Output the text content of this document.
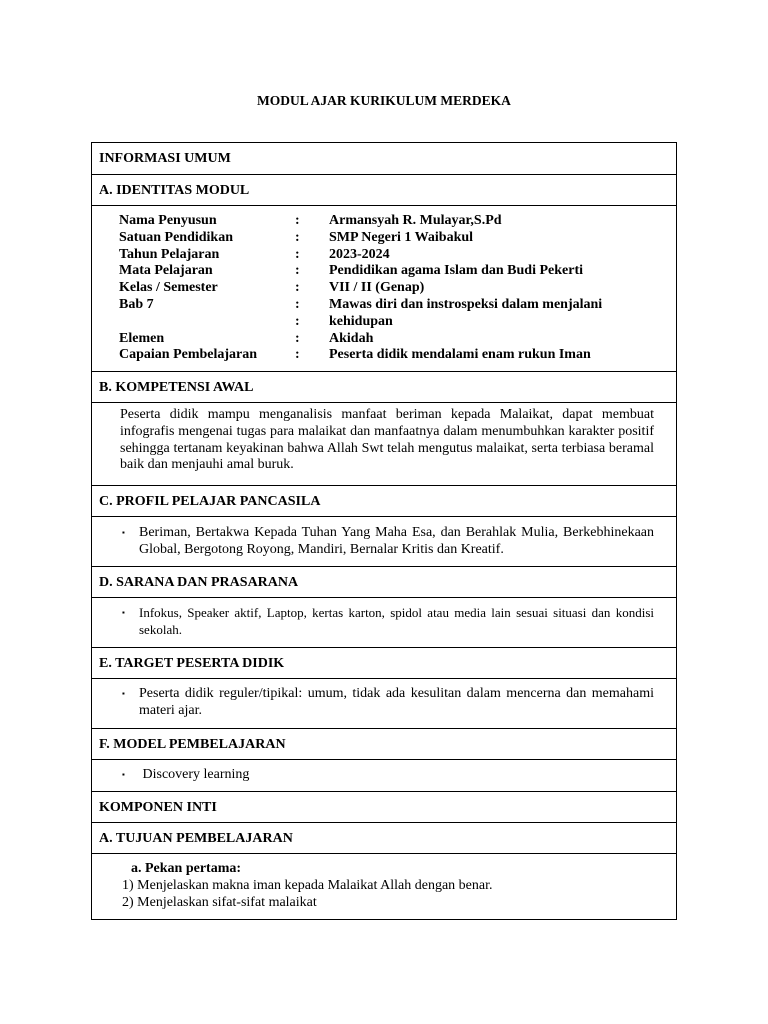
MODUL AJAR KURIKULUM MERDEKA
INFORMASI UMUM
A. IDENTITAS MODUL
Nama Penyusun	:	Armansyah R. Mulayar,S.Pd
Satuan Pendidikan	:	SMP Negeri 1 Waibakul
Tahun Pelajaran	:	2023-2024
Mata Pelajaran	:	Pendidikan agama Islam dan Budi Pekerti
Kelas / Semester	:	VII / II (Genap)
Bab 7	:	Mawas diri dan instrospeksi dalam menjalani
:	kehidupan
Elemen	:	Akidah
Capaian Pembelajaran	:	Peserta didik mendalami enam rukun Iman
B. KOMPETENSI AWAL
Peserta didik mampu menganalisis manfaat beriman kepada Malaikat, dapat membuat infografis mengenai tugas para malaikat dan manfaatnya dalam menumbuhkan karakter positif sehingga tertanam keyakinan bahwa Allah Swt telah mengutus malaikat, serta terbiasa beramal baik dan menjauhi amal buruk.
C. PROFIL PELAJAR PANCASILA
▪	Beriman, Bertakwa Kepada Tuhan Yang Maha Esa, dan Berahlak Mulia, Berkebhinekaan Global, Bergotong Royong, Mandiri, Bernalar Kritis dan Kreatif.
D. SARANA DAN PRASARANA
▪	Infokus, Speaker aktif, Laptop, kertas karton, spidol atau media lain sesuai situasi dan kondisi sekolah.
E. TARGET PESERTA DIDIK
▪	Peserta didik reguler/tipikal: umum, tidak ada kesulitan dalam mencerna dan memahami materi ajar.
F. MODEL PEMBELAJARAN
▪	Discovery learning
KOMPONEN INTI
A. TUJUAN PEMBELAJARAN
a. Pekan pertama:
1) Menjelaskan makna iman kepada Malaikat Allah dengan benar.
2) Menjelaskan sifat-sifat malaikat
